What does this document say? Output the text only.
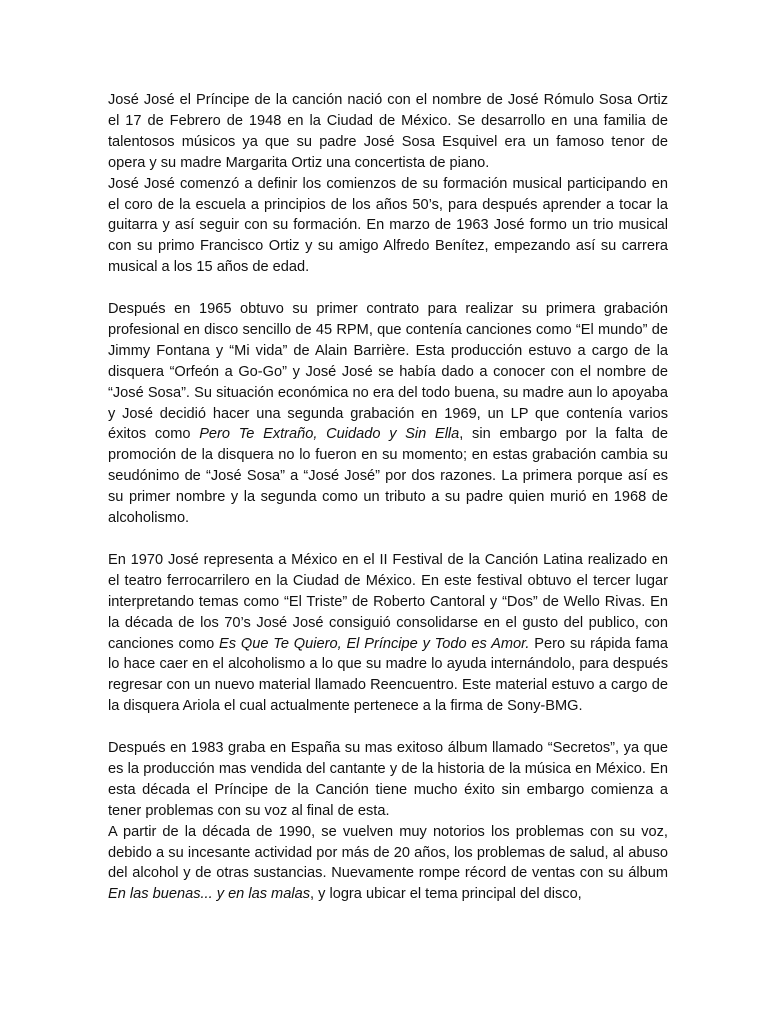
José José el Príncipe de la canción nació con el nombre de José Rómulo Sosa Ortiz el 17 de Febrero de 1948 en la Ciudad de México. Se desarrollo en una familia de talentosos músicos ya que su padre José Sosa Esquivel era un famoso tenor de opera y su madre Margarita Ortiz una concertista de piano.

José José comenzó a definir los comienzos de su formación musical participando en el coro de la escuela a principios de los años 50’s, para después aprender a tocar la guitarra y así seguir con su formación. En marzo de 1963 José formo un trio musical con su primo Francisco Ortiz y su amigo Alfredo Benítez, empezando así su carrera musical a los 15 años de edad.

Después en 1965 obtuvo su primer contrato para realizar su primera grabación profesional en disco sencillo de 45 RPM, que contenía canciones como “El mundo” de Jimmy Fontana y “Mi vida” de Alain Barrière. Esta producción estuvo a cargo de la disquera “Orfeón a Go-Go” y José José se había dado a conocer con el nombre de “José Sosa”. Su situación económica no era del todo buena, su madre aun lo apoyaba y José decidió hacer una segunda grabación en 1969, un LP que contenía varios éxitos como Pero Te Extraño, Cuidado y Sin Ella, sin embargo por la falta de promoción de la disquera no lo fueron en su momento; en estas grabación cambia su seudónimo de “José Sosa” a “José José” por dos razones. La primera porque así es su primer nombre y la segunda como un tributo a su padre quien murió en 1968 de alcoholismo.

En 1970 José representa a México en el II Festival de la Canción Latina realizado en el teatro ferrocarrilero en la Ciudad de México. En este festival obtuvo el tercer lugar interpretando temas como “El Triste” de Roberto Cantoral y “Dos” de Wello Rivas. En la década de los 70’s José José consiguió consolidarse en el gusto del publico, con canciones como Es Que Te Quiero, El Príncipe y Todo es Amor. Pero su rápida fama lo hace caer en el alcoholismo a lo que su madre lo ayuda internándolo, para después regresar con un nuevo material llamado Reencuentro. Este material estuvo a cargo de la disquera Ariola el cual actualmente pertenece a la firma de Sony-BMG.

Después en 1983 graba en España su mas exitoso álbum llamado “Secretos”, ya que es la producción mas vendida del cantante y de la historia de la música en México. En esta década el Príncipe de la Canción tiene mucho éxito sin embargo comienza a tener problemas con su voz al final de esta.

A partir de la década de 1990, se vuelven muy notorios los problemas con su voz, debido a su incesante actividad por más de 20 años, los problemas de salud, al abuso del alcohol y de otras sustancias. Nuevamente rompe récord de ventas con su álbum En las buenas... y en las malas, y logra ubicar el tema principal del disco,
